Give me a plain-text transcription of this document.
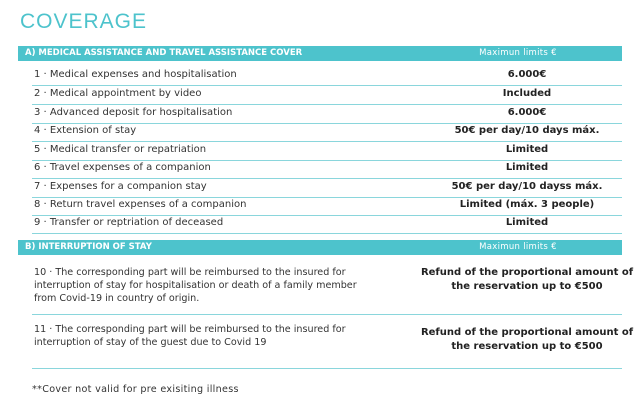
COVERAGE
A) MEDICAL ASSISTANCE AND TRAVEL ASSISTANCE COVER	Maximun limits €
1 · Medical expenses and hospitalisation	6.000€
2 · Medical appointment by video	Included
3 · Advanced deposit for hospitalisation	6.000€
4 · Extension of stay	50€ per day/10 days máx.
5 · Medical transfer or repatriation	Limited
6 · Travel expenses of a companion	Limited
7 · Expenses for a companion stay	50€ per day/10 dayss máx.
8 · Return travel expenses of a companion	Limited (máx. 3 people)
9 · Transfer or reptriation of deceased	Limited
B) INTERRUPTION OF STAY	Maximun limits €
10 · The corresponding part will be reimbursed to the insured for interruption of stay for hospitalisation or death of a family member from Covid-19 in country of origin.
Refund of the proportional amount of the reservation up to €500
11 · The corresponding part will be reimbursed to the insured for interruption of stay of the guest due to Covid 19
Refund of the proportional amount of the reservation up to €500
**Cover not valid for pre exisiting illness
